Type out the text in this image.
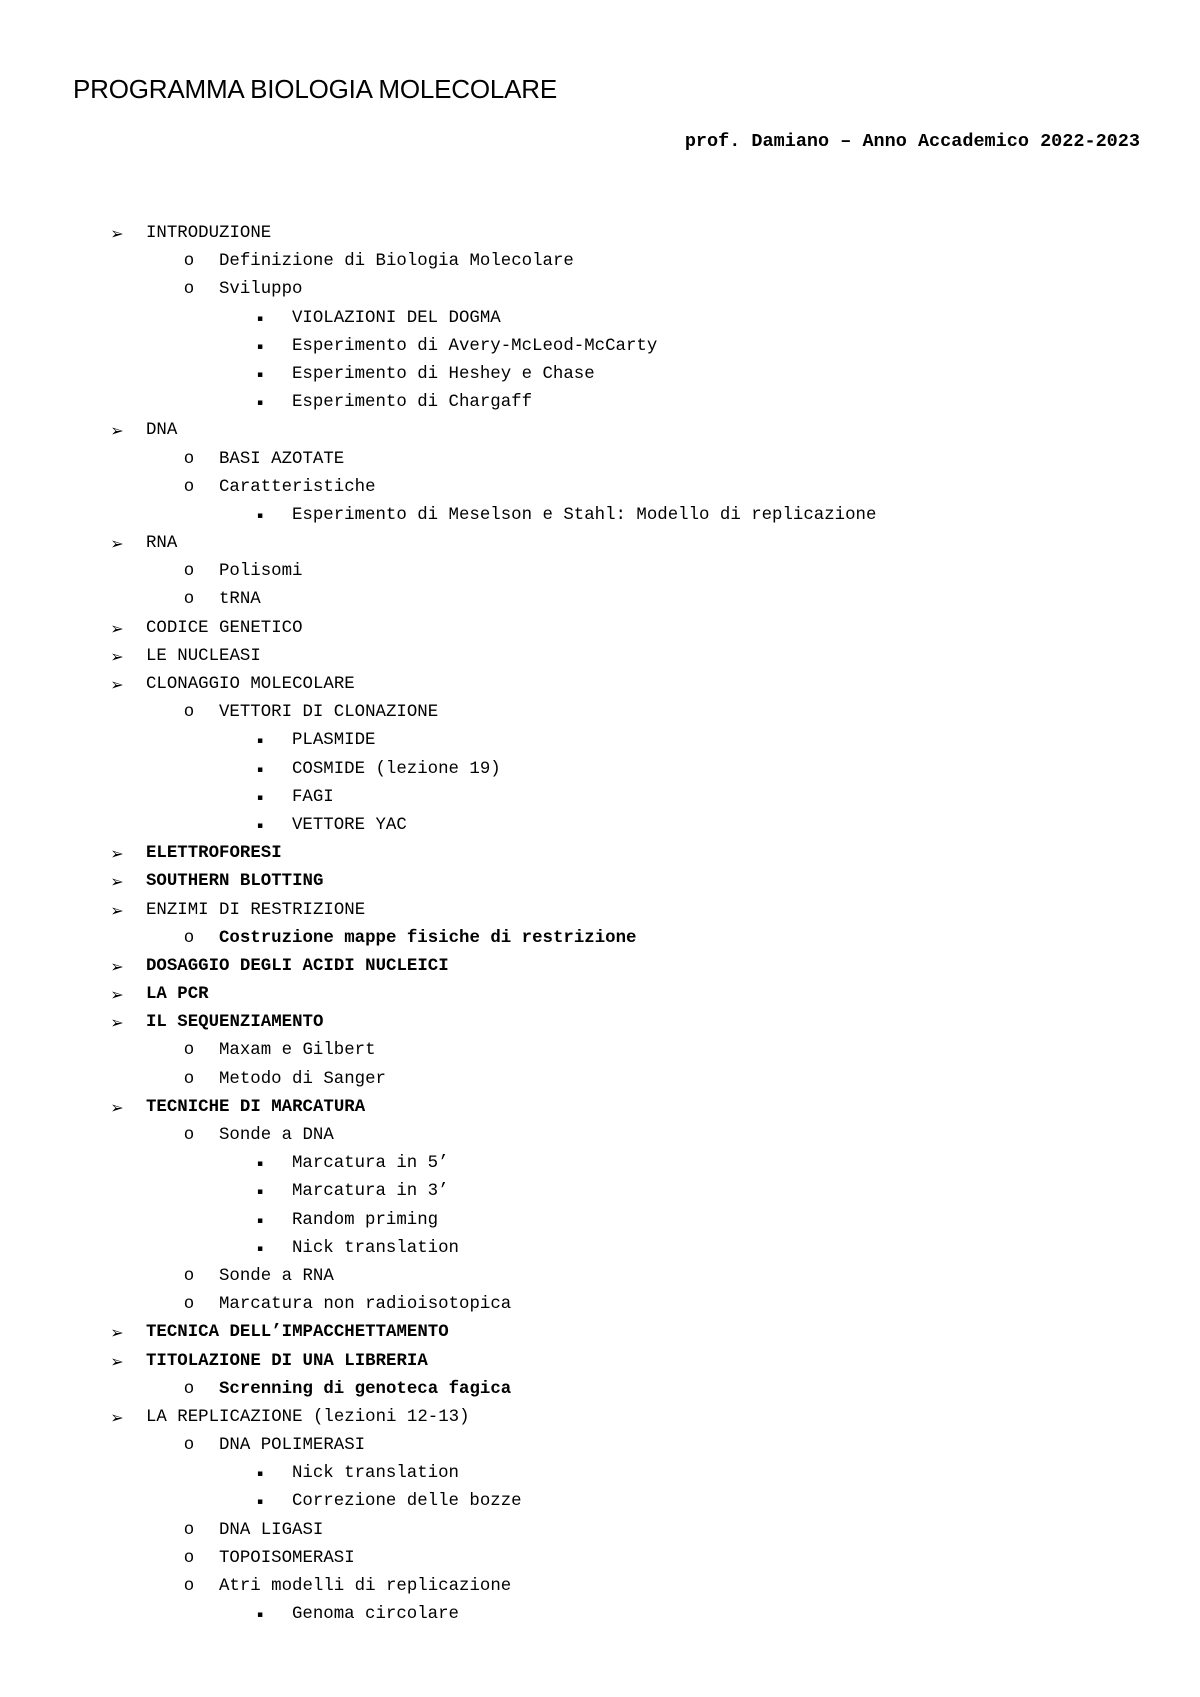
PROGRAMMA BIOLOGIA MOLECOLARE
prof. Damiano – Anno Accademico 2022-2023
➢ INTRODUZIONE
o Definizione di Biologia Molecolare
o Sviluppo
▪ VIOLAZIONI DEL DOGMA
▪ Esperimento di Avery-McLeod-McCarty
▪ Esperimento di Heshey e Chase
▪ Esperimento di Chargaff
➢ DNA
o BASI AZOTATE
o Caratteristiche
▪ Esperimento di Meselson e Stahl: Modello di replicazione
➢ RNA
o Polisomi
o tRNA
➢ CODICE GENETICO
➢ LE NUCLEASI
➢ CLONAGGIO MOLECOLARE
o VETTORI DI CLONAZIONE
▪ PLASMIDE
▪ COSMIDE (lezione 19)
▪ FAGI
▪ VETTORE YAC
➢ ELETTROFORESI
➢ SOUTHERN BLOTTING
➢ ENZIMI DI RESTRIZIONE
o Costruzione mappe fisiche di restrizione
➢ DOSAGGIO DEGLI ACIDI NUCLEICI
➢ LA PCR
➢ IL SEQUENZIAMENTO
o Maxam e Gilbert
o Metodo di Sanger
➢ TECNICHE DI MARCATURA
o Sonde a DNA
▪ Marcatura in 5’
▪ Marcatura in 3’
▪ Random priming
▪ Nick translation
o Sonde a RNA
o Marcatura non radioisotopica
➢ TECNICA DELL’IMPACCHETTAMENTO
➢ TITOLAZIONE DI UNA LIBRERIA
o Screnning di genoteca fagica
➢ LA REPLICAZIONE (lezioni 12-13)
o DNA POLIMERASI
▪ Nick translation
▪ Correzione delle bozze
o DNA LIGASI
o TOPOISOMERASI
o Atri modelli di replicazione
▪ Genoma circolare
